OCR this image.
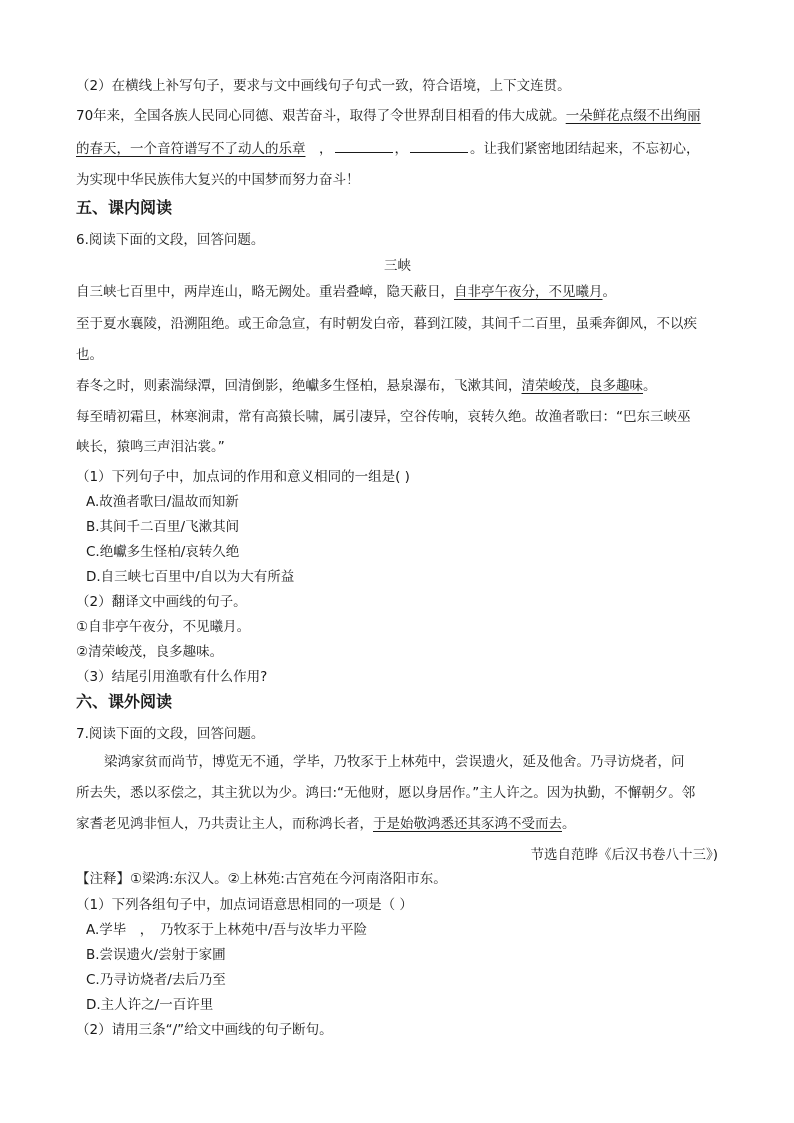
（2）在横线上补写句子，要求与文中画线句子句式一致，符合语境，上下文连贯。
70年来，全国各族人民同心同德、艰苦奋斗，取得了令世界刮目相看的伟大成就。一朵鲜花点缀不出绚丽
的春天，一个音符谱写不了动人的乐章　，	，	。让我们紧密地团结起来，不忘初心，
为实现中华民族伟大复兴的中国梦而努力奋斗！
五、课内阅读
6.阅读下面的文段，回答问题。
三峡
自三峡七百里中，两岸连山，略无阙处。重岩叠嶂，隐天蔽日，自非亭午夜分，不见曦月。
至于夏水襄陵，沿溯阻绝。或王命急宣，有时朝发白帝，暮到江陵，其间千二百里，虽乘奔御风，不以疾
也。
春冬之时，则素湍绿潭，回清倒影，绝巘多生怪柏，悬泉瀑布，飞漱其间，清荣峻茂，良多趣味。
每至晴初霜旦，林寒涧肃，常有高猿长啸，属引凄异，空谷传响，哀转久绝。故渔者歌曰：“巴东三峡巫
峡长，猿鸣三声泪沾裳。”
（1）下列句子中，加点词的作用和意义相同的一组是( )
A.故渔者歌曰/温故而知新
B.其间千二百里/飞漱其间
C.绝巘多生怪柏/哀转久绝
D.自三峡七百里中/自以为大有所益
（2）翻译文中画线的句子。
①自非亭午夜分，不见曦月。
②清荣峻茂，良多趣味。
（3）结尾引用渔歌有什么作用?
六、课外阅读
7.阅读下面的文段，回答问题。
梁鸿家贫而尚节，博览无不通，学毕，乃牧豕于上林苑中，尝误遗火，延及他舍。乃寻访烧者，问
所去失，悉以豕偿之，其主犹以为少。鸿曰:“无他财，愿以身居作。”主人许之。因为执勤，不懈朝夕。邻
家耆老见鸿非恒人，乃共责让主人，而称鸿长者，于是始敬鸿悉还其豕鸿不受而去。
节选自范晔《后汉书卷八十三》)
【注释】①梁鸿:东汉人。②上林苑:古宫苑在今河南洛阳市东。
（1）下列各组句子中，加点词语意思相同的一项是（ ）
A.学毕　，　乃牧豕于上林苑中/吾与汝毕力平险
B.尝误遗火/尝射于家圃
C.乃寻访烧者/去后乃至
D.主人许之/一百许里
（2）请用三条“/”给文中画线的句子断句。
